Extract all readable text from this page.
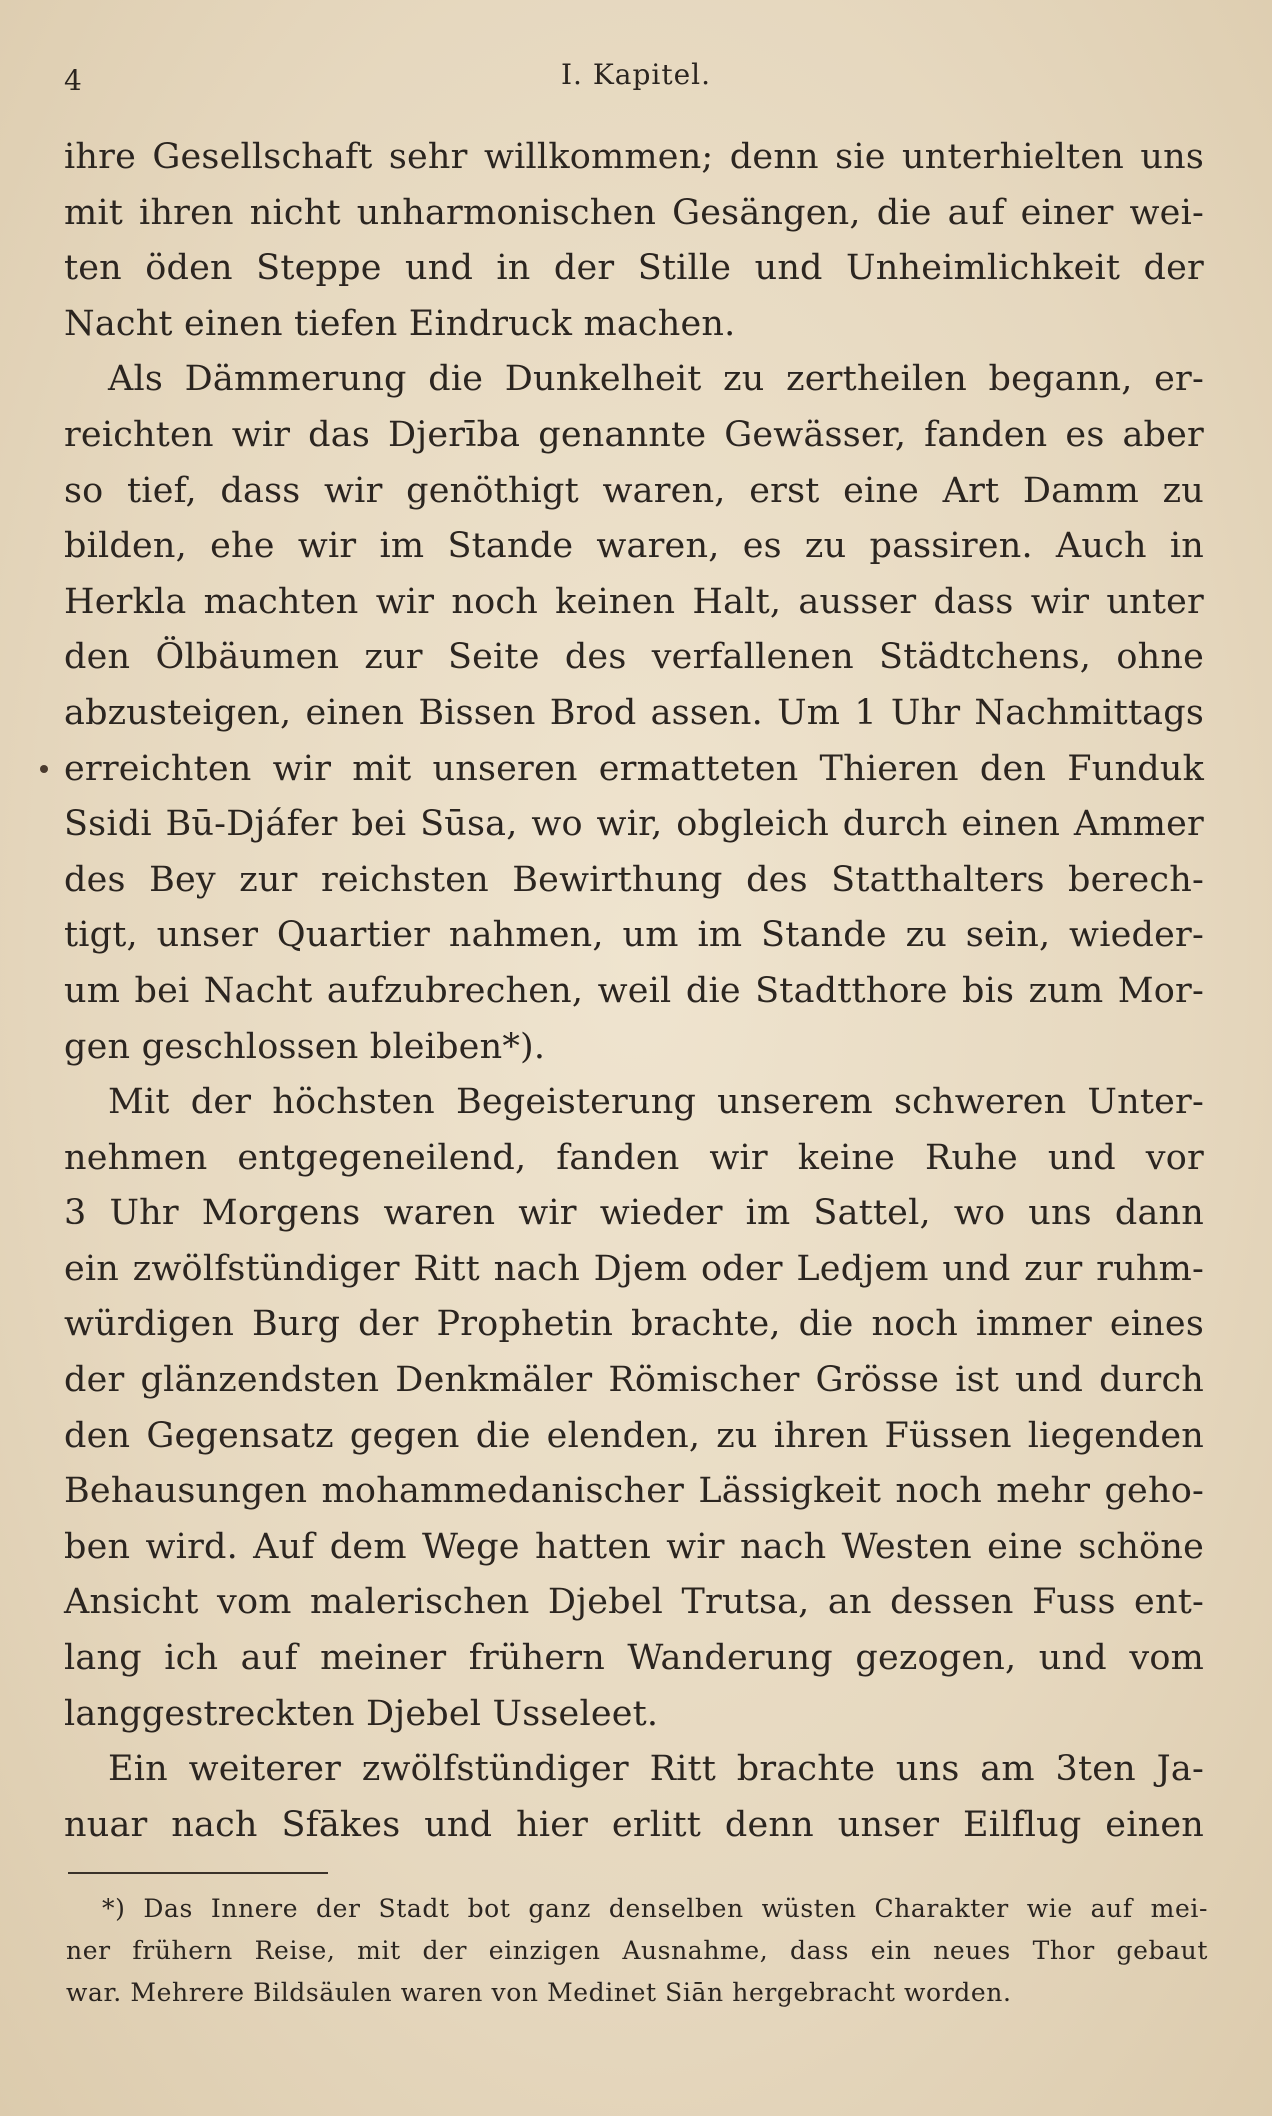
4	I. Kapitel.
ihre Gesellschaft sehr willkommen; denn sie unterhielten uns
mit ihren nicht unharmonischen Gesängen, die auf einer wei-
ten öden Steppe und in der Stille und Unheimlichkeit der
Nacht einen tiefen Eindruck machen.
Als Dämmerung die Dunkelheit zu zertheilen begann, er-
reichten wir das Djerība genannte Gewässer, fanden es aber
so tief, dass wir genöthigt waren, erst eine Art Damm zu
bilden, ehe wir im Stande waren, es zu passiren. Auch in
Herkla machten wir noch keinen Halt, ausser dass wir unter
den Ölbäumen zur Seite des verfallenen Städtchens, ohne
abzusteigen, einen Bissen Brod assen. Um 1 Uhr Nachmittags
erreichten wir mit unseren ermatteten Thieren den Funduk
Ssidi Bū-Djáfer bei Sūsa, wo wir, obgleich durch einen Ammer
des Bey zur reichsten Bewirthung des Statthalters berech-
tigt, unser Quartier nahmen, um im Stande zu sein, wieder-
um bei Nacht aufzubrechen, weil die Stadtthore bis zum Mor-
gen geschlossen bleiben*).
Mit der höchsten Begeisterung unserem schweren Unter-
nehmen entgegeneilend, fanden wir keine Ruhe und vor
3 Uhr Morgens waren wir wieder im Sattel, wo uns dann
ein zwölfstündiger Ritt nach Djem oder Ledjem und zur ruhm-
würdigen Burg der Prophetin brachte, die noch immer eines
der glänzendsten Denkmäler Römischer Grösse ist und durch
den Gegensatz gegen die elenden, zu ihren Füssen liegenden
Behausungen mohammedanischer Lässigkeit noch mehr geho-
ben wird. Auf dem Wege hatten wir nach Westen eine schöne
Ansicht vom malerischen Djebel Trutsa, an dessen Fuss ent-
lang ich auf meiner frühern Wanderung gezogen, und vom
langgestreckten Djebel Usseleet.
Ein weiterer zwölfstündiger Ritt brachte uns am 3ten Ja-
nuar nach Sfākes und hier erlitt denn unser Eilflug einen
*) Das Innere der Stadt bot ganz denselben wüsten Charakter wie auf mei-
ner frühern Reise, mit der einzigen Ausnahme, dass ein neues Thor gebaut
war. Mehrere Bildsäulen waren von Medinet Siān hergebracht worden.
